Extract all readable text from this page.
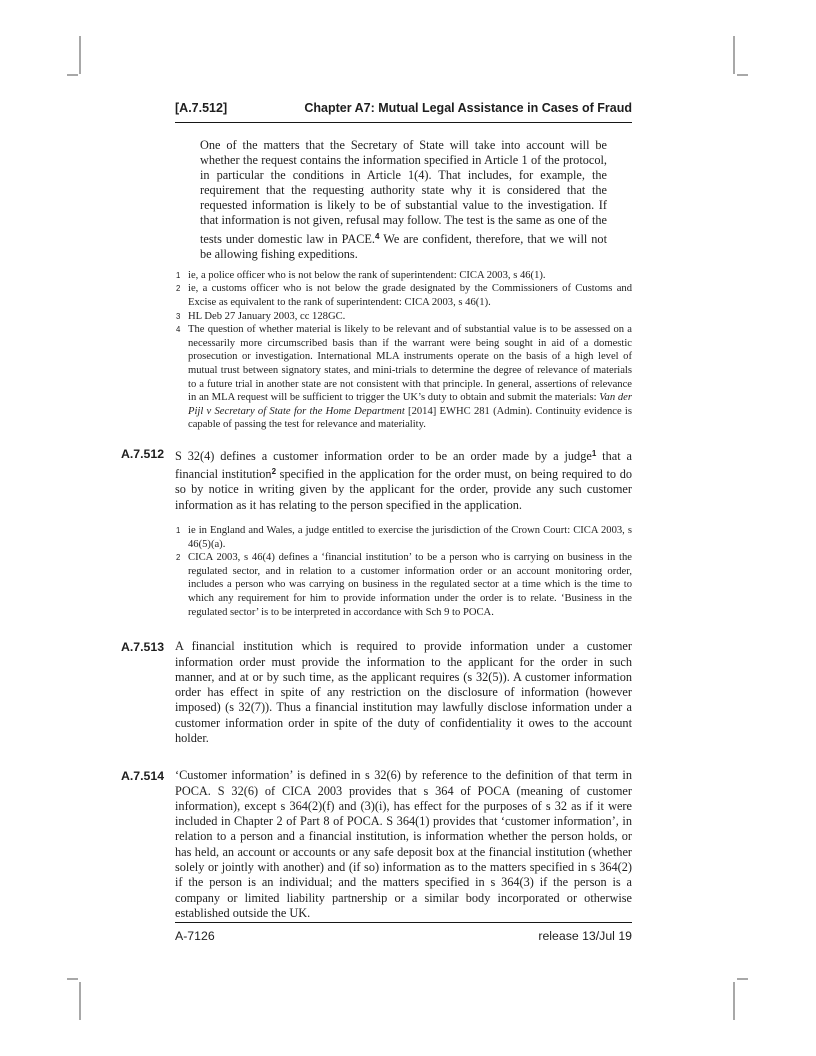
[A.7.512]	Chapter A7: Mutual Legal Assistance in Cases of Fraud
One of the matters that the Secretary of State will take into account will be whether the request contains the information specified in Article 1 of the protocol, in particular the conditions in Article 1(4). That includes, for example, the requirement that the requesting authority state why it is considered that the requested information is likely to be of substantial value to the investigation. If that information is not given, refusal may follow. The test is the same as one of the tests under domestic law in PACE.$^4$ We are confident, therefore, that we will not be allowing fishing expeditions.
1 ie, a police officer who is not below the rank of superintendent: CICA 2003, s 46(1).
2 ie, a customs officer who is not below the grade designated by the Commissioners of Customs and Excise as equivalent to the rank of superintendent: CICA 2003, s 46(1).
3 HL Deb 27 January 2003, cc 128GC.
4 The question of whether material is likely to be relevant and of substantial value is to be assessed on a necessarily more circumscribed basis than if the warrant were being sought in aid of a domestic prosecution or investigation. International MLA instruments operate on the basis of a high level of mutual trust between signatory states, and mini-trials to determine the degree of relevance of materials to a future trial in another state are not consistent with that principle. In general, assertions of relevance in an MLA request will be sufficient to trigger the UK’s duty to obtain and submit the materials: Van der Pijl v Secretary of State for the Home Department [2014] EWHC 281 (Admin). Continuity evidence is capable of passing the test for relevance and materiality.
A.7.512 S 32(4) defines a customer information order to be an order made by a judge$^1$ that a financial institution$^2$ specified in the application for the order must, on being required to do so by notice in writing given by the applicant for the order, provide any such customer information as it has relating to the person specified in the application.
1 ie in England and Wales, a judge entitled to exercise the jurisdiction of the Crown Court: CICA 2003, s 46(5)(a).
2 CICA 2003, s 46(4) defines a ‘financial institution’ to be a person who is carrying on business in the regulated sector, and in relation to a customer information order or an account monitoring order, includes a person who was carrying on business in the regulated sector at a time which is the time to which any requirement for him to provide information under the order is to relate. ‘Business in the regulated sector’ is to be interpreted in accordance with Sch 9 to POCA.
A.7.513 A financial institution which is required to provide information under a customer information order must provide the information to the applicant for the order in such manner, and at or by such time, as the applicant requires (s 32(5)). A customer information order has effect in spite of any restriction on the disclosure of information (however imposed) (s 32(7)). Thus a financial institution may lawfully disclose information under a customer information order in spite of the duty of confidentiality it owes to the account holder.
A.7.514 ‘Customer information’ is defined in s 32(6) by reference to the definition of that term in POCA. S 32(6) of CICA 2003 provides that s 364 of POCA (meaning of customer information), except s 364(2)(f) and (3)(i), has effect for the purposes of s 32 as if it were included in Chapter 2 of Part 8 of POCA. S 364(1) provides that ‘customer information’, in relation to a person and a financial institution, is information whether the person holds, or has held, an account or accounts or any safe deposit box at the financial institution (whether solely or jointly with another) and (if so) information as to the matters specified in s 364(2) if the person is an individual; and the matters specified in s 364(3) if the person is a company or limited liability partnership or a similar body incorporated or otherwise established outside the UK.
A-7126	release 13/Jul 19
